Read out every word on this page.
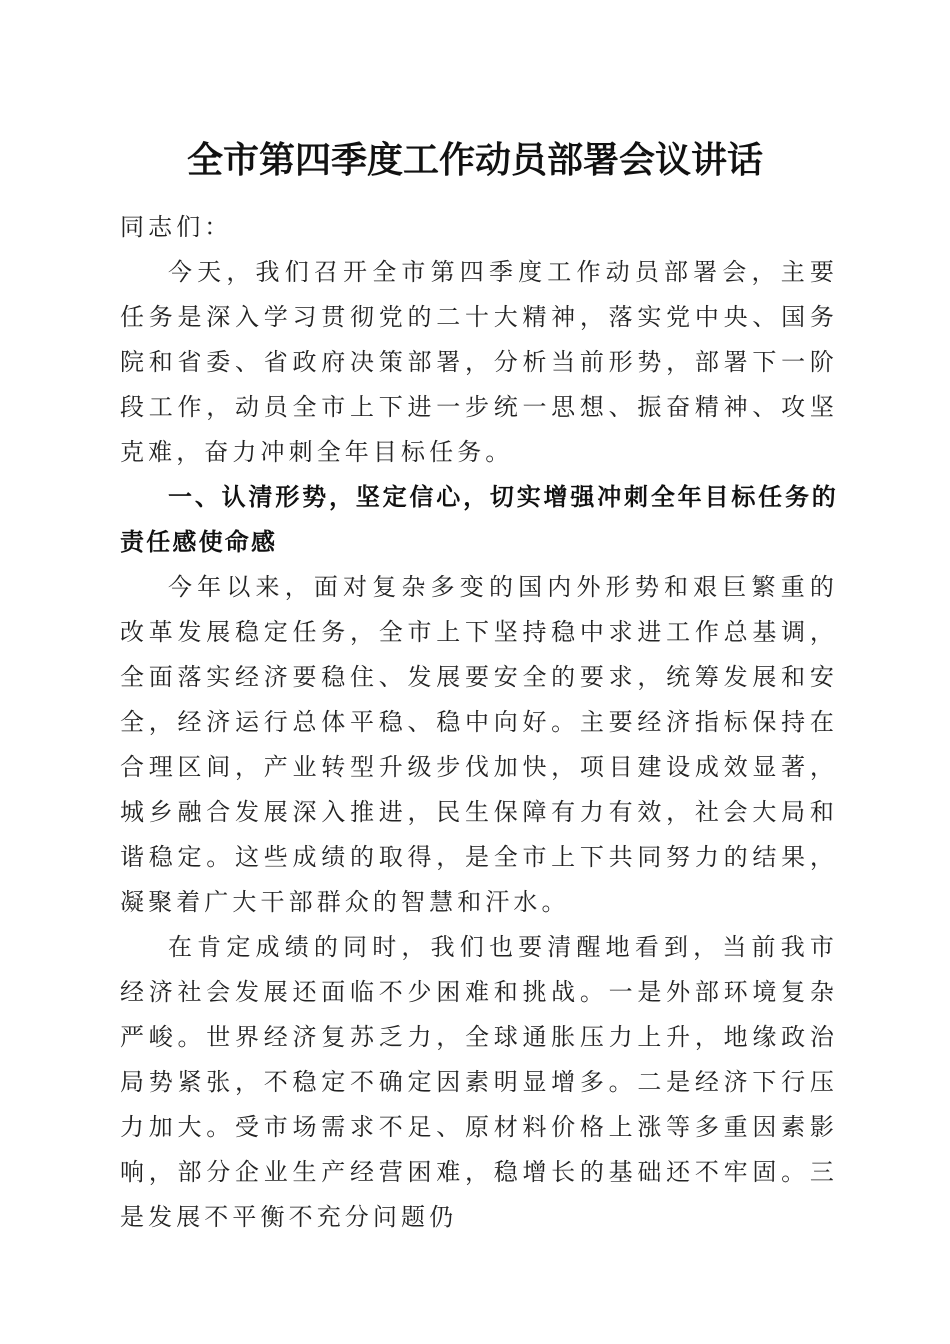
全市第四季度工作动员部署会议讲话

同志们：

今天，我们召开全市第四季度工作动员部署会，主要任务是深入学习贯彻党的二十大精神，落实党中央、国务院和省委、省政府决策部署，分析当前形势，部署下一阶段工作，动员全市上下进一步统一思想、振奋精神、攻坚克难，奋力冲刺全年目标任务。

一、认清形势，坚定信心，切实增强冲刺全年目标任务的责任感使命感

今年以来，面对复杂多变的国内外形势和艰巨繁重的改革发展稳定任务，全市上下坚持稳中求进工作总基调，全面落实经济要稳住、发展要安全的要求，统筹发展和安全，经济运行总体平稳、稳中向好。主要经济指标保持在合理区间，产业转型升级步伐加快，项目建设成效显著，城乡融合发展深入推进，民生保障有力有效，社会大局和谐稳定。这些成绩的取得，是全市上下共同努力的结果，凝聚着广大干部群众的智慧和汗水。

在肯定成绩的同时，我们也要清醒地看到，当前我市经济社会发展还面临不少困难和挑战。一是外部环境复杂严峻。世界经济复苏乏力，全球通胀压力上升，地缘政治局势紧张，不稳定不确定因素明显增多。二是经济下行压力加大。受市场需求不足、原材料价格上涨等多重因素影响，部分企业生产经营困难，稳增长的基础还不牢固。三是发展不平衡不充分问题仍
